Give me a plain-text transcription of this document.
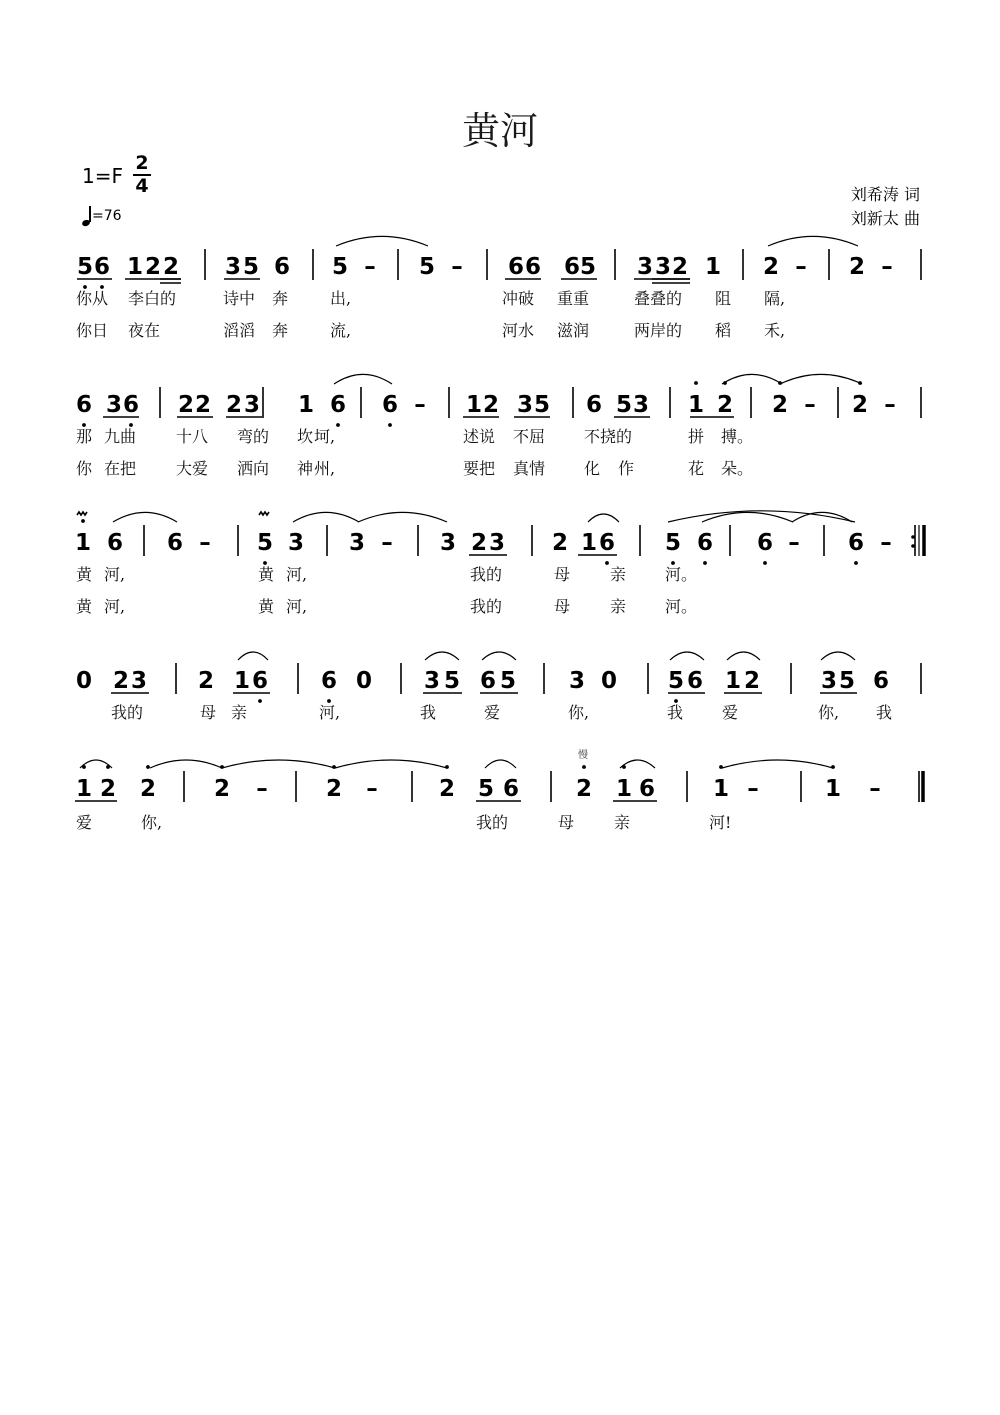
黄河
1=F
2
4
=76
刘希涛 词
刘新太 曲
5 6 1 2 2 3 5 6 5 – 5 – 6 6 6 5 3 3 2 1 2 – 2 –
你从 李白的	诗中 奔	出,	冲破 重重	叠叠的 阻 隔,
你日 夜在	滔滔 奔	流,	河水 滋润	两岸的 稻 禾,
6 3 6 2 2 2 3 1 6 6 – 1 2 3 5 6 5 3 1 2 2 – 2 –
那 九曲 十八 弯的 坎 坷,	述说 不屈 不挠的	拼 搏。
你 在把 大爱 洒向 神 州,	要把 真情 化 作	花 朵。
1 6 6 – 5 3 3 – 3 2 3 2 1 6 5 6 6 – 6 –
黄 河,	黄 河,	我的	母 亲 河。
黄 河,	黄 河,	我的	母 亲 河。
0 2 3 2 1 6 6 0 3 5 6 5 3 0 5 6 1 2	3 5 6
我的	母 亲	河,	我	爱	你,	我 爱	你, 我
1 2 2	2 –	2 –	2 5 6 2 1 6	1 –	1 –
爱	你,	我的	母 亲	河!
慢
